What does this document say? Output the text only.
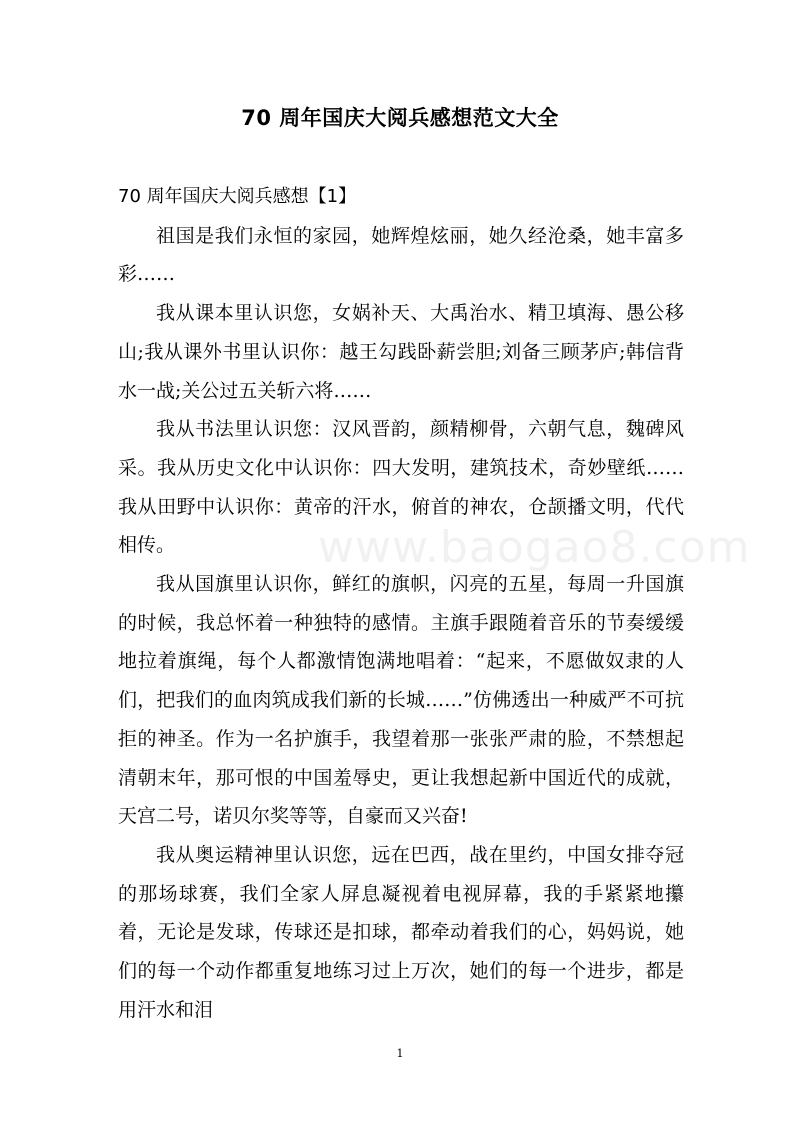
70 周年国庆大阅兵感想范文大全

70 周年国庆大阅兵感想【1】

祖国是我们永恒的家园，她辉煌炫丽，她久经沧桑，她丰富多彩……

我从课本里认识您，女娲补天、大禹治水、精卫填海、愚公移山;我从课外书里认识你：越王勾践卧薪尝胆;刘备三顾茅庐;韩信背水一战;关公过五关斩六将……

我从书法里认识您：汉风晋韵，颜精柳骨，六朝气息，魏碑风采。我从历史文化中认识你：四大发明，建筑技术，奇妙壁纸……我从田野中认识你：黄帝的汗水，俯首的神农，仓颉播文明，代代相传。

我从国旗里认识你，鲜红的旗帜，闪亮的五星，每周一升国旗的时候，我总怀着一种独特的感情。主旗手跟随着音乐的节奏缓缓地拉着旗绳，每个人都激情饱满地唱着：“起来，不愿做奴隶的人们，把我们的血肉筑成我们新的长城……”仿佛透出一种威严不可抗拒的神圣。作为一名护旗手，我望着那一张张严肃的脸，不禁想起清朝末年，那可恨的中国羞辱史，更让我想起新中国近代的成就，天宫二号，诺贝尔奖等等，自豪而又兴奋!

我从奥运精神里认识您，远在巴西，战在里约，中国女排夺冠的那场球赛，我们全家人屏息凝视着电视屏幕，我的手紧紧地攥着，无论是发球，传球还是扣球，都牵动着我们的心，妈妈说，她们的每一个动作都重复地练习过上万次，她们的每一个进步，都是用汗水和泪

www.baogao8.com
1
